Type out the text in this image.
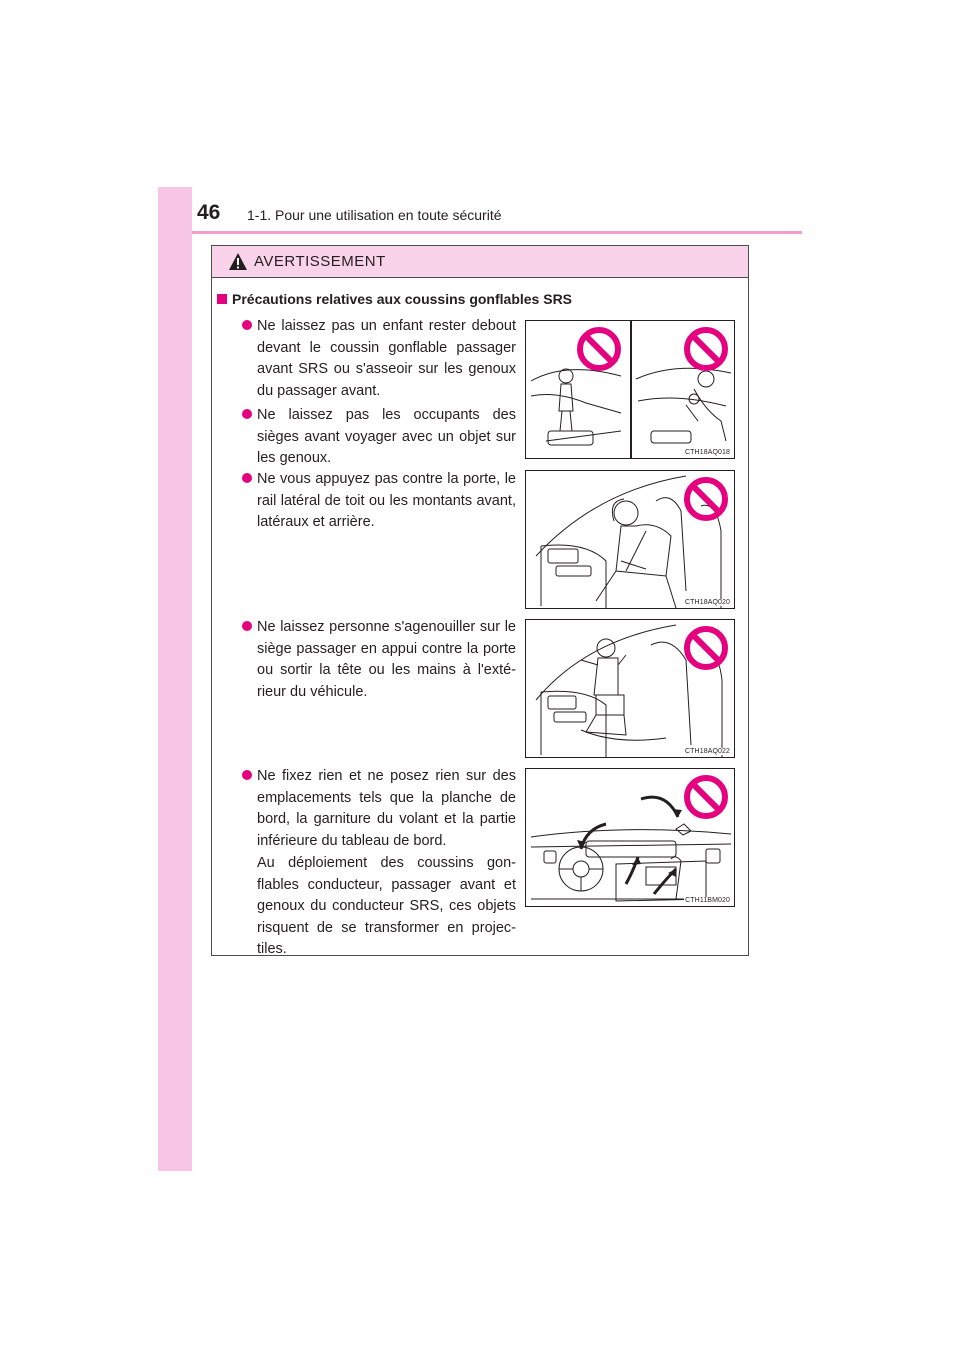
46 1-1. Pour une utilisation en toute sécurité
AVERTISSEMENT
Précautions relatives aux coussins gonflables SRS
Ne laissez pas un enfant rester debout devant le coussin gonflable passager avant SRS ou s'asseoir sur les genoux du passager avant.
Ne laissez pas les occupants des sièges avant voyager avec un objet sur les genoux.
Ne vous appuyez pas contre la porte, le rail latéral de toit ou les montants avant, latéraux et arrière.
Ne laissez personne s'agenouiller sur le siège passager en appui contre la porte ou sortir la tête ou les mains à l'exté-rieur du véhicule.
Ne fixez rien et ne posez rien sur des emplacements tels que la planche de bord, la garniture du volant et la partie inférieure du tableau de bord.
Au déploiement des coussins gon-flables conducteur, passager avant et genoux du conducteur SRS, ces objets risquent de se transformer en projec-tiles.
CTH18AQ018
CTH18AQ020
CTH18AQ022
CTH11BM020
